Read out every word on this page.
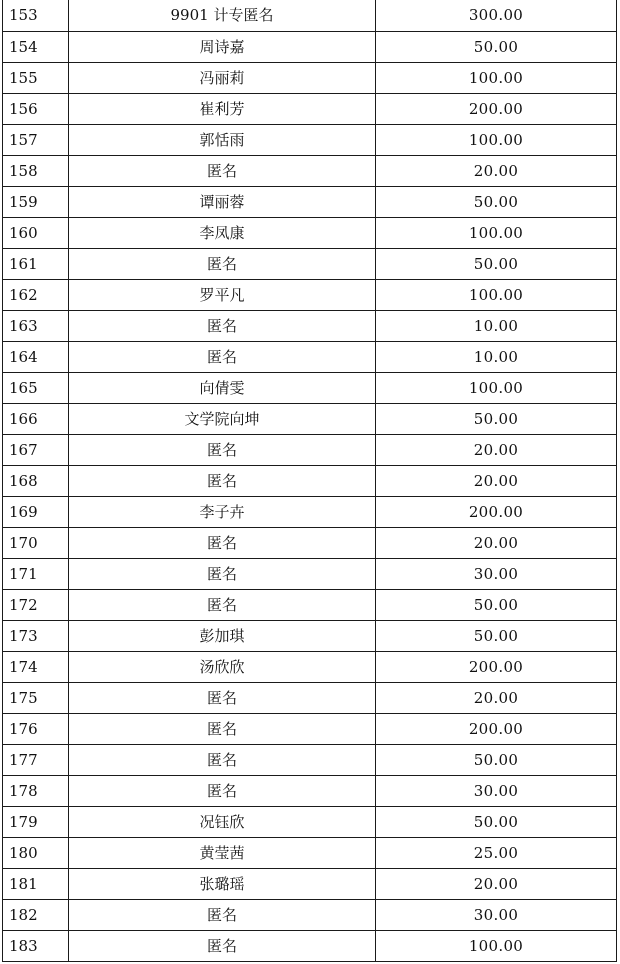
153	9901 计专匿名	300.00
154	周诗嘉	50.00
155	冯丽莉	100.00
156	崔利芳	200.00
157	郭恬雨	100.00
158	匿名	20.00
159	谭丽蓉	50.00
160	李凤康	100.00
161	匿名	50.00
162	罗平凡	100.00
163	匿名	10.00
164	匿名	10.00
165	向倩雯	100.00
166	文学院向坤	50.00
167	匿名	20.00
168	匿名	20.00
169	李子卉	200.00
170	匿名	20.00
171	匿名	30.00
172	匿名	50.00
173	彭加琪	50.00
174	汤欣欣	200.00
175	匿名	20.00
176	匿名	200.00
177	匿名	50.00
178	匿名	30.00
179	况钰欣	50.00
180	黄莹茜	25.00
181	张璐瑶	20.00
182	匿名	30.00
183	匿名	100.00
